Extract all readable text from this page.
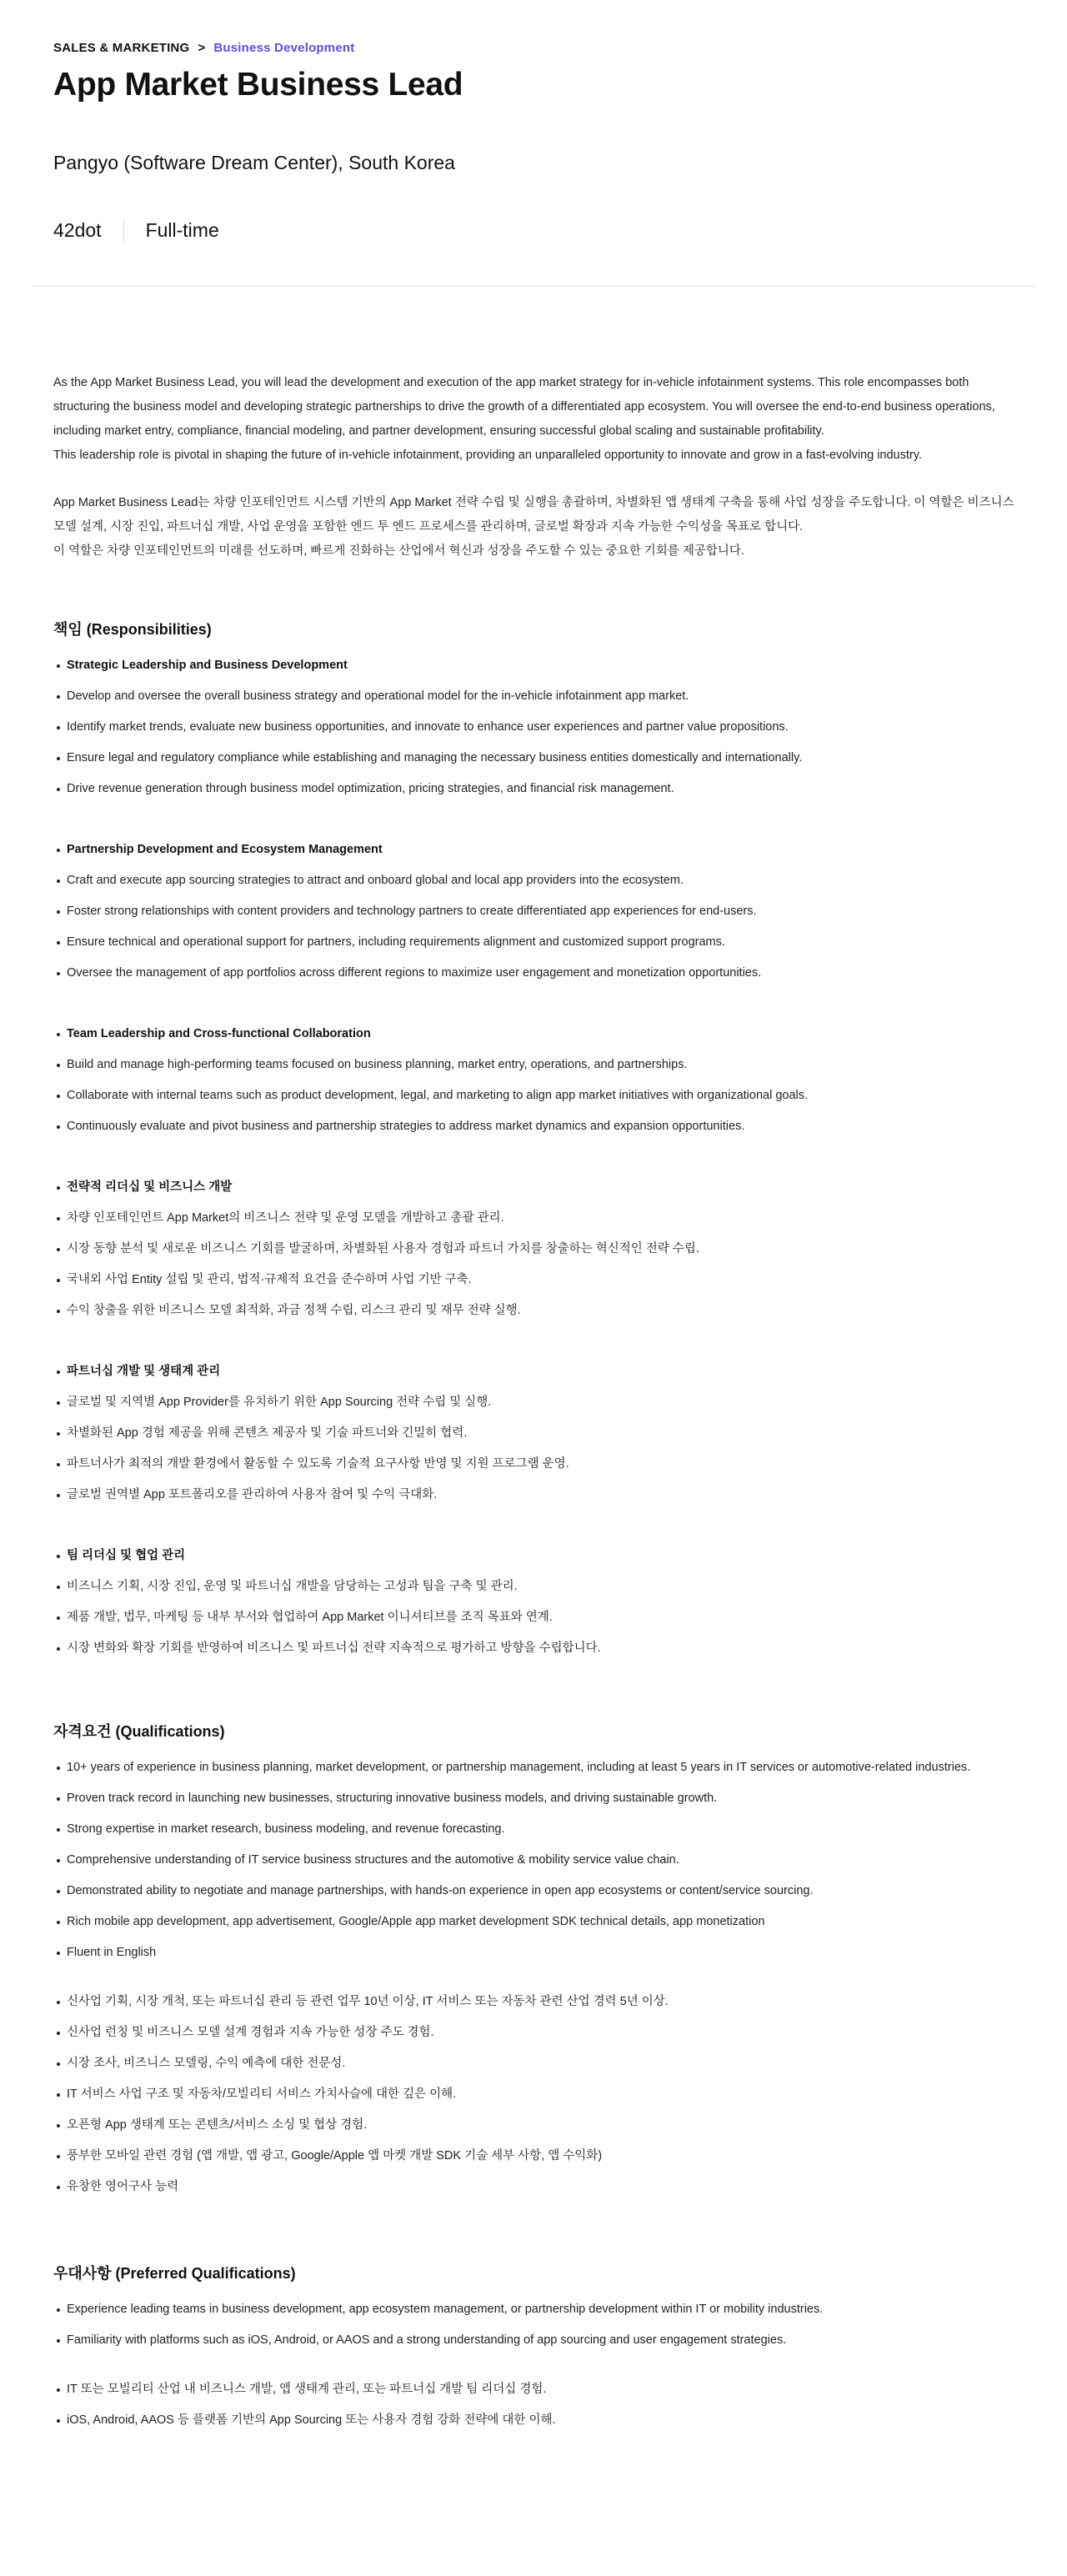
SALES & MARKETING > Business Development
App Market Business Lead
Pangyo (Software Dream Center), South Korea
42dot Full-time

As the App Market Business Lead, you will lead the development and execution of the app market strategy for in-vehicle infotainment systems. This role encompasses both structuring the business model and developing strategic partnerships to drive the growth of a differentiated app ecosystem. You will oversee the end-to-end business operations, including market entry, compliance, financial modeling, and partner development, ensuring successful global scaling and sustainable profitability.

This leadership role is pivotal in shaping the future of in-vehicle infotainment, providing an unparalleled opportunity to innovate and grow in a fast-evolving industry.

App Market Business Lead는 차량 인포테인먼트 시스템 기반의 App Market 전략 수립 및 실행을 총괄하며, 차별화된 앱 생태계 구축을 통해 사업 성장을 주도합니다. 이 역할은 비즈니스 모델 설계, 시장 진입, 파트너십 개발, 사업 운영을 포함한 엔드 투 엔드 프로세스를 관리하며, 글로벌 확장과 지속 가능한 수익성을 목표로 합니다.

이 역할은 차량 인포테인먼트의 미래를 선도하며, 빠르게 진화하는 산업에서 혁신과 성장을 주도할 수 있는 중요한 기회를 제공합니다.

책임 (Responsibilities)
Strategic Leadership and Business Development
Develop and oversee the overall business strategy and operational model for the in-vehicle infotainment app market.
Identify market trends, evaluate new business opportunities, and innovate to enhance user experiences and partner value propositions.
Ensure legal and regulatory compliance while establishing and managing the necessary business entities domestically and internationally.
Drive revenue generation through business model optimization, pricing strategies, and financial risk management.
Partnership Development and Ecosystem Management
Craft and execute app sourcing strategies to attract and onboard global and local app providers into the ecosystem.
Foster strong relationships with content providers and technology partners to create differentiated app experiences for end-users.
Ensure technical and operational support for partners, including requirements alignment and customized support programs.
Oversee the management of app portfolios across different regions to maximize user engagement and monetization opportunities.
Team Leadership and Cross-functional Collaboration
Build and manage high-performing teams focused on business planning, market entry, operations, and partnerships.
Collaborate with internal teams such as product development, legal, and marketing to align app market initiatives with organizational goals.
Continuously evaluate and pivot business and partnership strategies to address market dynamics and expansion opportunities.
전략적 리더십 및 비즈니스 개발
차량 인포테인먼트 App Market의 비즈니스 전략 및 운영 모델을 개발하고 총괄 관리.
시장 동향 분석 및 새로운 비즈니스 기회를 발굴하며, 차별화된 사용자 경험과 파트너 가치를 창출하는 혁신적인 전략 수립.
국내외 사업 Entity 설립 및 관리, 법적·규제적 요건을 준수하며 사업 기반 구축.
수익 창출을 위한 비즈니스 모델 최적화, 과금 정책 수립, 리스크 관리 및 재무 전략 실행.
파트너십 개발 및 생태계 관리
글로벌 및 지역별 App Provider를 유치하기 위한 App Sourcing 전략 수립 및 실행.
차별화된 App 경험 제공을 위해 콘텐츠 제공자 및 기술 파트너와 긴밀히 협력.
파트너사가 최적의 개발 환경에서 활동할 수 있도록 기술적 요구사항 반영 및 지원 프로그램 운영.
글로벌 권역별 App 포트폴리오를 관리하여 사용자 참여 및 수익 극대화.
팀 리더십 및 협업 관리
비즈니스 기획, 시장 진입, 운영 및 파트너십 개발을 담당하는 고성과 팀을 구축 및 관리.
제품 개발, 법무, 마케팅 등 내부 부서와 협업하여 App Market 이니셔티브를 조직 목표와 연계.
시장 변화와 확장 기회를 반영하여 비즈니스 및 파트너십 전략 지속적으로 평가하고 방향을 수립합니다.
자격요건 (Qualifications)
10+ years of experience in business planning, market development, or partnership management, including at least 5 years in IT services or automotive-related industries.
Proven track record in launching new businesses, structuring innovative business models, and driving sustainable growth.
Strong expertise in market research, business modeling, and revenue forecasting.
Comprehensive understanding of IT service business structures and the automotive & mobility service value chain.
Demonstrated ability to negotiate and manage partnerships, with hands-on experience in open app ecosystems or content/service sourcing.
Rich mobile app development, app advertisement, Google/Apple app market development SDK technical details, app monetization
Fluent in English
신사업 기획, 시장 개척, 또는 파트너십 관리 등 관련 업무 10년 이상, IT 서비스 또는 자동차 관련 산업 경력 5년 이상.
신사업 런칭 및 비즈니스 모델 설계 경험과 지속 가능한 성장 주도 경험.
시장 조사, 비즈니스 모델링, 수익 예측에 대한 전문성.
IT 서비스 사업 구조 및 자동차/모빌리티 서비스 가치사슬에 대한 깊은 이해.
오픈형 App 생태계 또는 콘텐츠/서비스 소싱 및 협상 경험.
풍부한 모바일 관련 경험 (앱 개발, 앱 광고, Google/Apple 앱 마켓 개발 SDK 기술 세부 사항, 앱 수익화)
유창한 영어구사 능력
우대사항 (Preferred Qualifications)
Experience leading teams in business development, app ecosystem management, or partnership development within IT or mobility industries.
Familiarity with platforms such as iOS, Android, or AAOS and a strong understanding of app sourcing and user engagement strategies.
IT 또는 모빌리티 산업 내 비즈니스 개발, 앱 생태계 관리, 또는 파트너십 개발 팀 리더십 경험.
iOS, Android, AAOS 등 플랫폼 기반의 App Sourcing 또는 사용자 경험 강화 전략에 대한 이해.
